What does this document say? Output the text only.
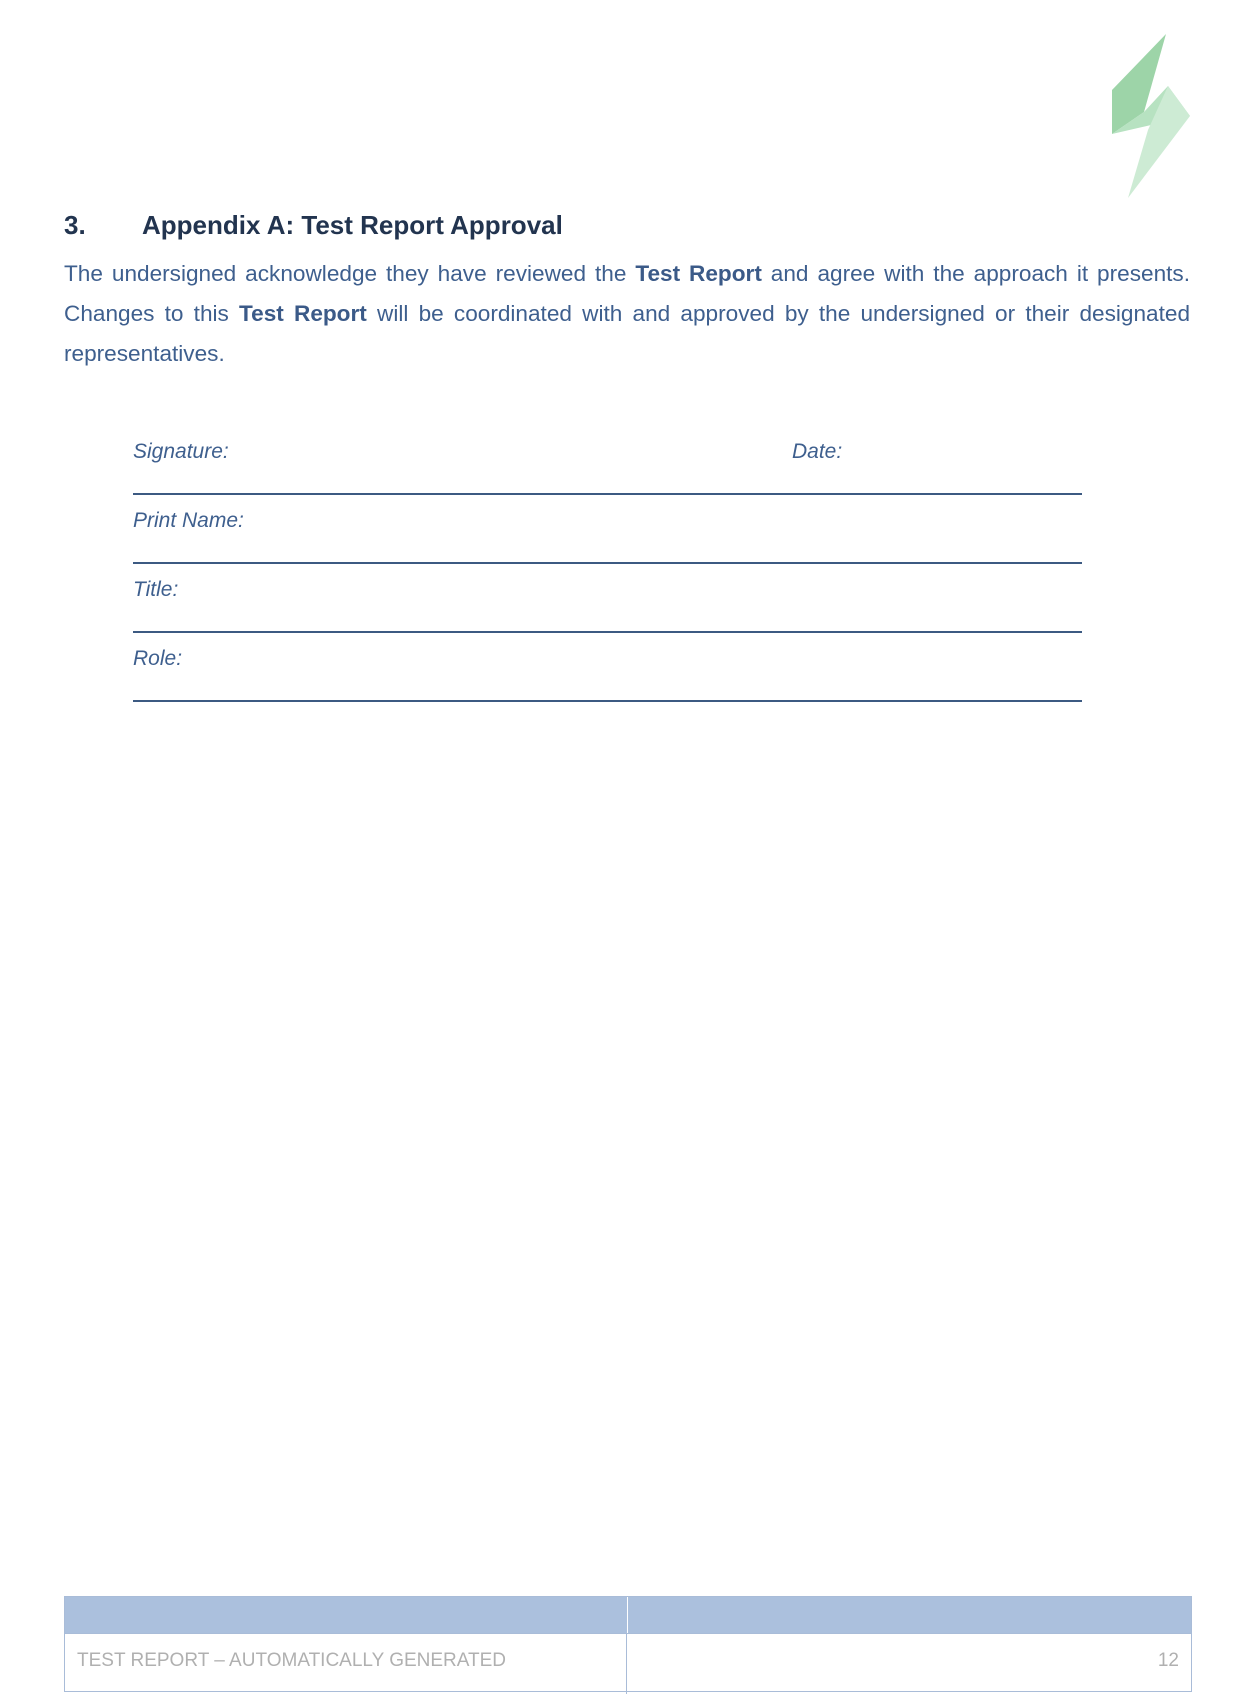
3.	Appendix A: Test Report Approval
The undersigned acknowledge they have reviewed the Test Report and agree with the approach it presents.
Changes to this Test Report will be coordinated with and approved by the undersigned or their designated
representatives.
Signature:	Date:
Print Name:
Title:
Role:
TEST REPORT – AUTOMATICALLY GENERATED	12
